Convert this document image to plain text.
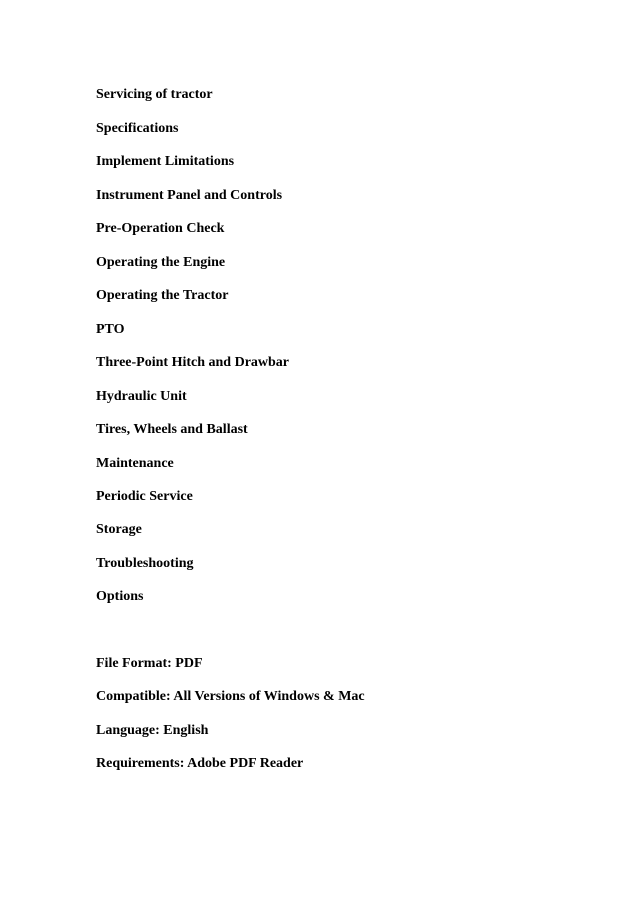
Servicing of tractor

Specifications

Implement Limitations

Instrument Panel and Controls

Pre-Operation Check

Operating the Engine

Operating the Tractor

PTO

Three-Point Hitch and Drawbar

Hydraulic Unit

Tires, Wheels and Ballast

Maintenance

Periodic Service

Storage

Troubleshooting

Options

File Format: PDF

Compatible: All Versions of Windows & Mac

Language: English

Requirements: Adobe PDF Reader
